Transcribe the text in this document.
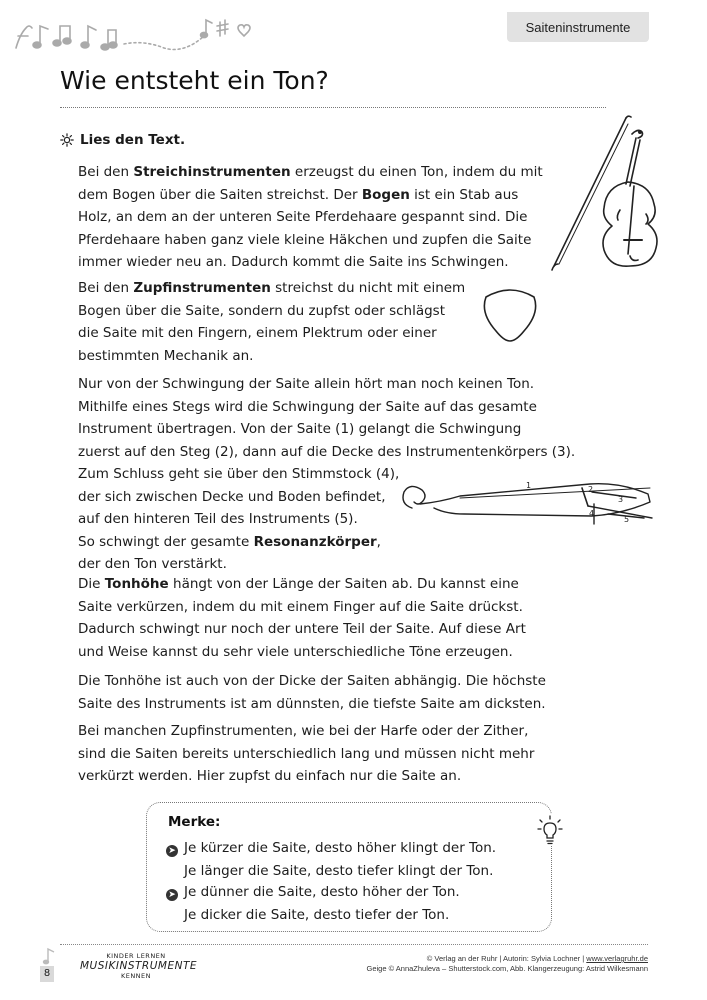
Saiteninstrumente
Wie entsteht ein Ton?
Lies den Text.

Bei den Streichinstrumenten erzeugst du einen Ton, indem du mit
dem Bogen über die Saiten streichst. Der Bogen ist ein Stab aus
Holz, an dem an der unteren Seite Pferdehaare gespannt sind. Die
Pferdehaare haben ganz viele kleine Häkchen und zupfen die Saite
immer wieder neu an. Dadurch kommt die Saite ins Schwingen.

Bei den Zupfinstrumenten streichst du nicht mit einem
Bogen über die Saite, sondern du zupfst oder schlägst
die Saite mit den Fingern, einem Plektrum oder einer
bestimmten Mechanik an.

Nur von der Schwingung der Saite allein hört man noch keinen Ton.
Mithilfe eines Stegs wird die Schwingung der Saite auf das gesamte
Instrument übertragen. Von der Saite (1) gelangt die Schwingung
zuerst auf den Steg (2), dann auf die Decke des Instrumentenkörpers (3).
Zum Schluss geht sie über den Stimmstock (4),
der sich zwischen Decke und Boden befindet,
auf den hinteren Teil des Instruments (5).
So schwingt der gesamte Resonanzkörper,
der den Ton verstärkt.

Die Tonhöhe hängt von der Länge der Saiten ab. Du kannst eine
Saite verkürzen, indem du mit einem Finger auf die Saite drückst.
Dadurch schwingt nur noch der untere Teil der Saite. Auf diese Art
und Weise kannst du sehr viele unterschiedliche Töne erzeugen.

Die Tonhöhe ist auch von der Dicke der Saiten abhängig. Die höchste
Saite des Instruments ist am dünnsten, die tiefste Saite am dicksten.

Bei manchen Zupfinstrumenten, wie bei der Harfe oder der Zither,
sind die Saiten bereits unterschiedlich lang und müssen nicht mehr
verkürzt werden. Hier zupfst du einfach nur die Saite an.

1	2
3
4
5
Merke:
➤ Je kürzer die Saite, desto höher klingt der Ton.
Je länger die Saite, desto tiefer klingt der Ton.
➤ Je dünner die Saite, desto höher der Ton.
Je dicker die Saite, desto tiefer der Ton.
8
KINDER LERNEN
MUSIKINSTRUMENTE
KENNEN
© Verlag an der Ruhr | Autorin: Sylvia Lochner | www.verlagruhr.de
Geige © AnnaZhuleva – Shutterstock.com, Abb. Klangerzeugung: Astrid Wilkesmann
